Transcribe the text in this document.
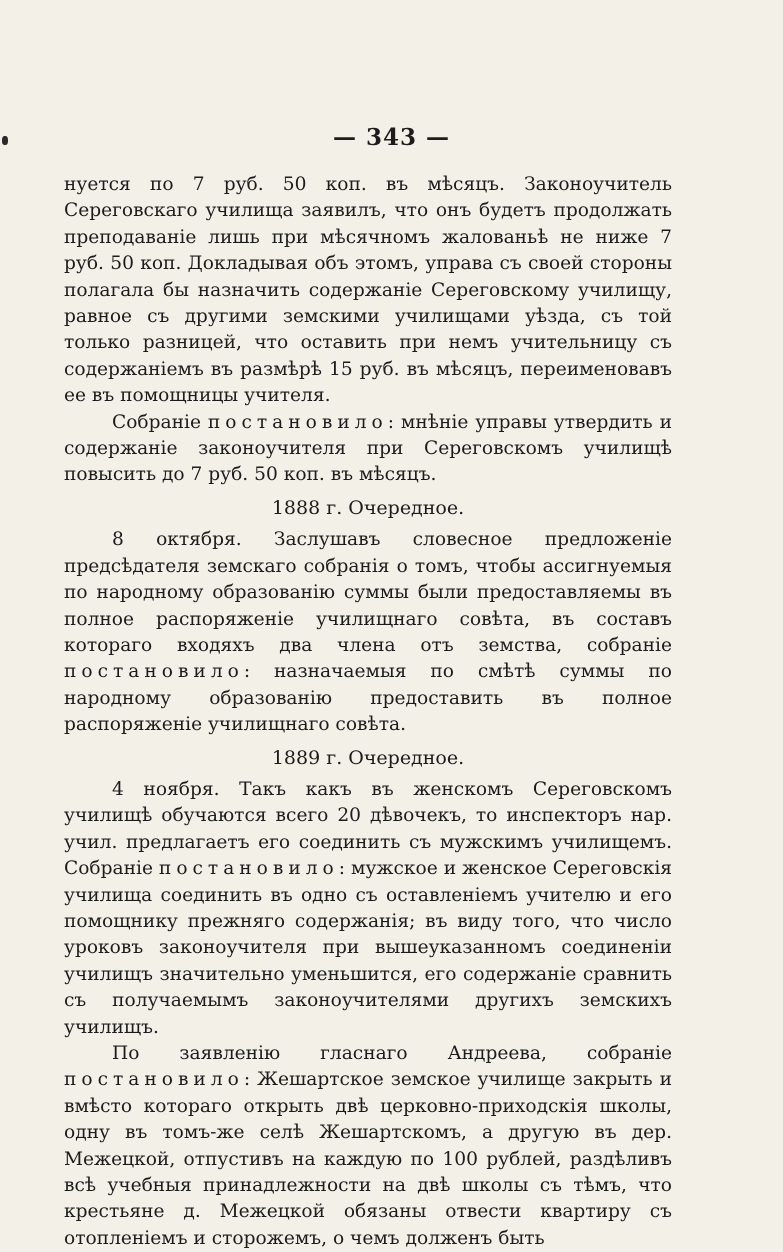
— 343 —

нуется по 7 руб. 50 коп. въ мѣсяцъ. Законоучитель Сереговскаго училища заявилъ, что онъ будетъ продолжать преподаванiе лишь при мѣсячномъ жалованьѣ не ниже 7 руб. 50 коп. Докладывая объ этомъ, управа съ своей стороны полагала бы назначить содержанiе Сереговскому училищу, равное съ другими земскими училищами уѣзда, съ той только разницей, что оставить при немъ учительницу съ содержанiемъ въ размѣрѣ 15 руб. въ мѣсяцъ, переименовавъ ее въ помощницы учителя.

Собранiе постановило: мнѣнiе управы утвердить и содержанiе законоучителя при Сереговскомъ училищѣ повысить до 7 руб. 50 коп. въ мѣсяцъ.

1888 г. Очередное.

8 октября. Заслушавъ словесное предложенiе предсѣдателя земскаго собранiя о томъ, чтобы ассигнуемыя по народному образованiю суммы были предоставляемы въ полное распоряженiе училищнаго совѣта, въ составъ котораго входяхъ два члена отъ земства, собранiе постановило: назначаемыя по смѣтѣ суммы по народному образованiю предоставить въ полное распоряженiе училищнаго совѣта.

1889 г. Очередное.

4 ноября. Такъ какъ въ женскомъ Сереговскомъ училищѣ обучаются всего 20 дѣвочекъ, то инспекторъ нар. учил. предлагаетъ его соединить съ мужскимъ училищемъ. Собранiе постановило: мужское и женское Сереговскiя училища соединить въ одно съ оставленiемъ учителю и его помощнику прежняго содержанiя; въ виду того, что число уроковъ законоучителя при вышеуказанномъ соединенiи училищъ значительно уменьшится, его содержанiе сравнить съ получаемымъ законоучителями другихъ земскихъ училищъ.

По заявленiю гласнаго Андреева, собранiе постановило: Жешартское земское училище закрыть и вмѣсто котораго открыть двѣ церковно-приходскiя школы, одну въ томъ-же селѣ Жешартскомъ, а другую въ дер. Межецкой, отпустивъ на каждую по 100 рублей, раздѣливъ всѣ учебныя принадлежности на двѣ школы съ тѣмъ, что крестьяне д. Межецкой обязаны отвести квартиру съ отопленiемъ и сторожемъ, о чемъ долженъ быть
